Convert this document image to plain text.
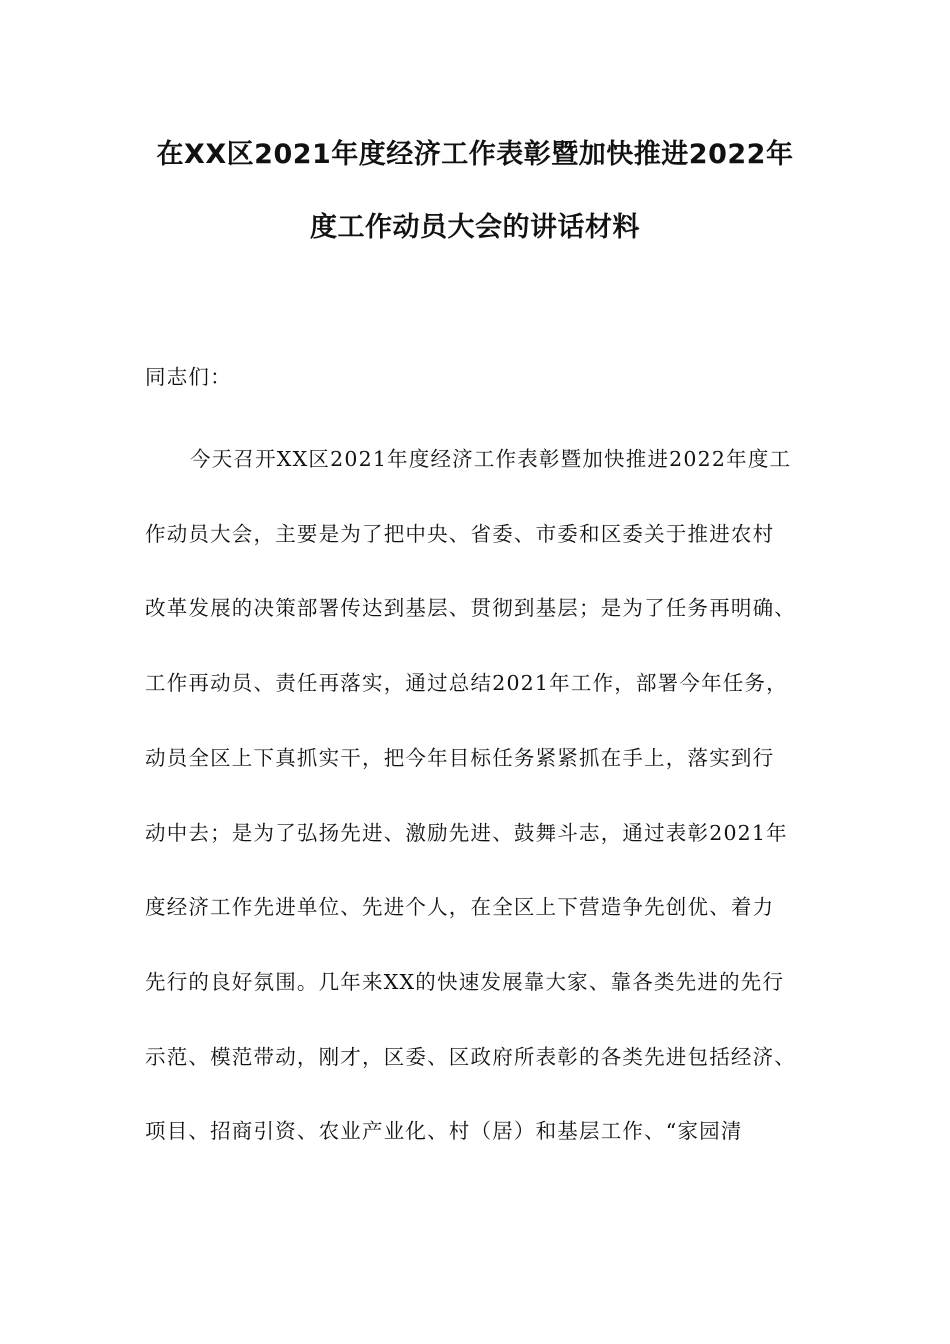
在XX区2021年度经济工作表彰暨加快推进2022年
度工作动员大会的讲话材料
同志们：
今天召开XX区2021年度经济工作表彰暨加快推进2022年度工
作动员大会，主要是为了把中央、省委、市委和区委关于推进农村
改革发展的决策部署传达到基层、贯彻到基层；是为了任务再明确、
工作再动员、责任再落实，通过总结2021年工作，部署今年任务，
动员全区上下真抓实干，把今年目标任务紧紧抓在手上，落实到行
动中去；是为了弘扬先进、激励先进、鼓舞斗志，通过表彰2021年
度经济工作先进单位、先进个人，在全区上下营造争先创优、着力
先行的良好氛围。几年来XX的快速发展靠大家、靠各类先进的先行
示范、模范带动，刚才，区委、区政府所表彰的各类先进包括经济、
项目、招商引资、农业产业化、村（居）和基层工作、“家园清
